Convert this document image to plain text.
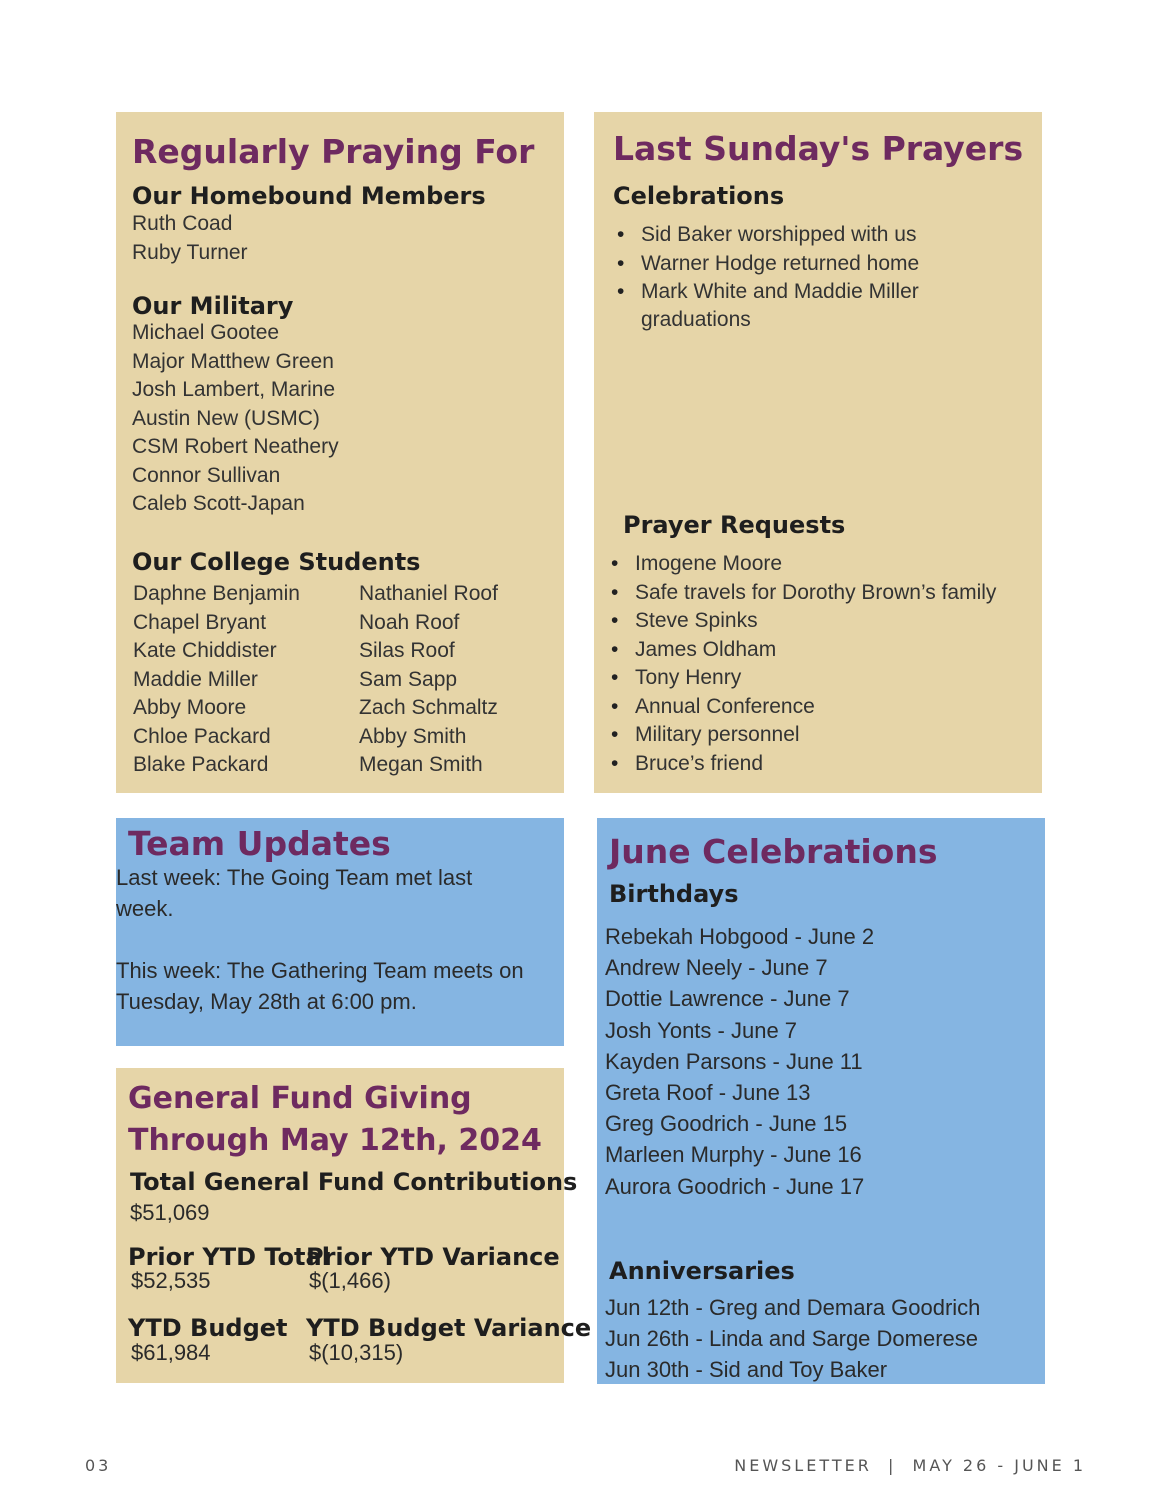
Regularly Praying For
Our Homebound Members
Ruth Coad
Ruby Turner
Our Military
Michael Gootee
Major Matthew Green
Josh Lambert, Marine
Austin New (USMC)
CSM Robert Neathery
Connor Sullivan
Caleb Scott-Japan
Our College Students
Daphne Benjamin
Chapel Bryant
Kate Chiddister
Maddie Miller
Abby Moore
Chloe Packard
Blake Packard
Nathaniel Roof
Noah Roof
Silas Roof
Sam Sapp
Zach Schmaltz
Abby Smith
Megan Smith
Last Sunday's Prayers
Celebrations
• Sid Baker worshipped with us
• Warner Hodge returned home
• Mark White and Maddie Miller
graduations
Prayer Requests
• Imogene Moore
• Safe travels for Dorothy Brown’s family
• Steve Spinks
• James Oldham
• Tony Henry
• Annual Conference
• Military personnel
• Bruce’s friend
Team Updates
Last week: The Going Team met last
week.
This week: The Gathering Team meets on
Tuesday, May 28th at 6:00 pm.
General Fund Giving
Through May 12th, 2024
Total General Fund Contributions
$51,069
Prior YTD Total
$52,535
Prior YTD Variance
$(1,466)
YTD Budget
$61,984
YTD Budget Variance
$(10,315)
June Celebrations
Birthdays
Rebekah Hobgood - June 2
Andrew Neely - June 7
Dottie Lawrence - June 7
Josh Yonts - June 7
Kayden Parsons - June 11
Greta Roof - June 13
Greg Goodrich - June 15
Marleen Murphy - June 16
Aurora Goodrich - June 17
Anniversaries
Jun 12th - Greg and Demara Goodrich
Jun 26th - Linda and Sarge Domerese
Jun 30th - Sid and Toy Baker
03	NEWSLETTER  |  MAY 26 - JUNE 1
